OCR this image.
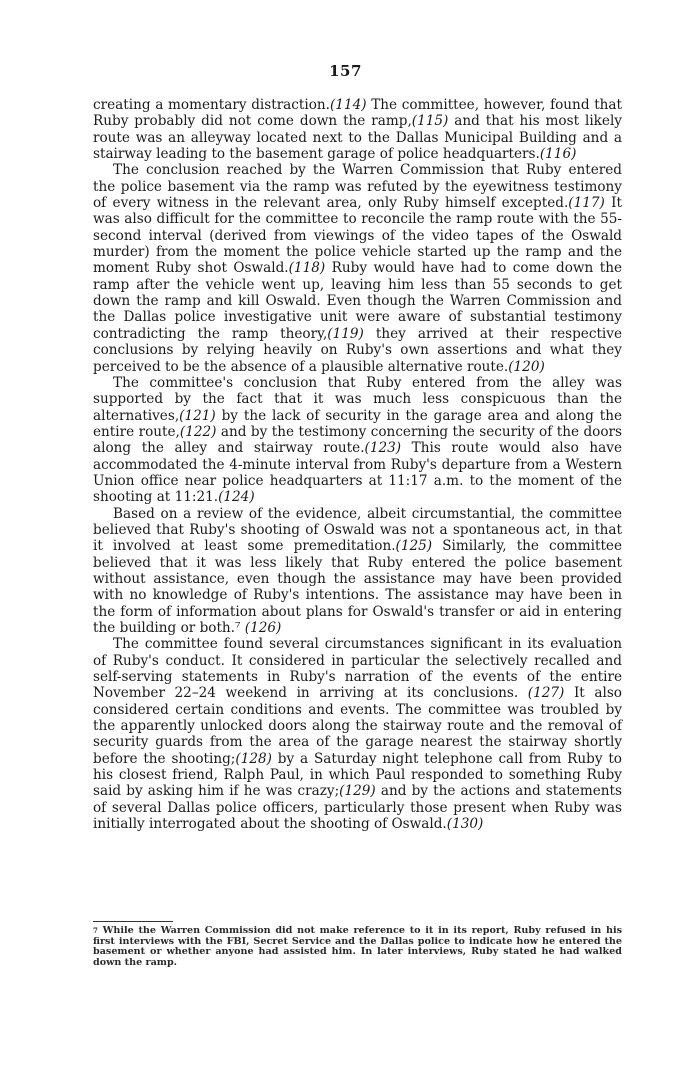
157

creating a momentary distraction.(114) The committee, however, found that Ruby probably did not come down the ramp,(115) and that his most likely route was an alleyway located next to the Dallas Municipal Building and a stairway leading to the basement garage of police headquarters.(116)

The conclusion reached by the Warren Commission that Ruby entered the police basement via the ramp was refuted by the eyewitness testimony of every witness in the relevant area, only Ruby himself excepted.(117) It was also difficult for the committee to reconcile the ramp route with the 55-second interval (derived from viewings of the video tapes of the Oswald murder) from the moment the police vehicle started up the ramp and the moment Ruby shot Oswald.(118) Ruby would have had to come down the ramp after the vehicle went up, leaving him less than 55 seconds to get down the ramp and kill Oswald. Even though the Warren Commission and the Dallas police investigative unit were aware of substantial testimony contradicting the ramp theory,(119) they arrived at their respective conclusions by relying heavily on Ruby's own assertions and what they perceived to be the absence of a plausible alternative route.(120)

The committee's conclusion that Ruby entered from the alley was supported by the fact that it was much less conspicuous than the alternatives,(121) by the lack of security in the garage area and along the entire route,(122) and by the testimony concerning the security of the doors along the alley and stairway route.(123) This route would also have accommodated the 4-minute interval from Ruby's departure from a Western Union office near police headquarters at 11:17 a.m. to the moment of the shooting at 11:21.(124)

Based on a review of the evidence, albeit circumstantial, the committee believed that Ruby's shooting of Oswald was not a spontaneous act, in that it involved at least some premeditation.(125) Similarly, the committee believed that it was less likely that Ruby entered the police basement without assistance, even though the assistance may have been provided with no knowledge of Ruby's intentions. The assistance may have been in the form of information about plans for Oswald's transfer or aid in entering the building or both.⁷ (126)

The committee found several circumstances significant in its evaluation of Ruby's conduct. It considered in particular the selectively recalled and self-serving statements in Ruby's narration of the events of the entire November 22–24 weekend in arriving at its conclusions. (127) It also considered certain conditions and events. The committee was troubled by the apparently unlocked doors along the stairway route and the removal of security guards from the area of the garage nearest the stairway shortly before the shooting;(128) by a Saturday night telephone call from Ruby to his closest friend, Ralph Paul, in which Paul responded to something Ruby said by asking him if he was crazy;(129) and by the actions and statements of several Dallas police officers, particularly those present when Ruby was initially interrogated about the shooting of Oswald.(130)

$^7$ While the Warren Commission did not make reference to it in its report, Ruby refused in his first interviews with the FBI, Secret Service and the Dallas police to indicate how he entered the basement or whether anyone had assisted him. In later interviews, Ruby stated he had walked down the ramp.
